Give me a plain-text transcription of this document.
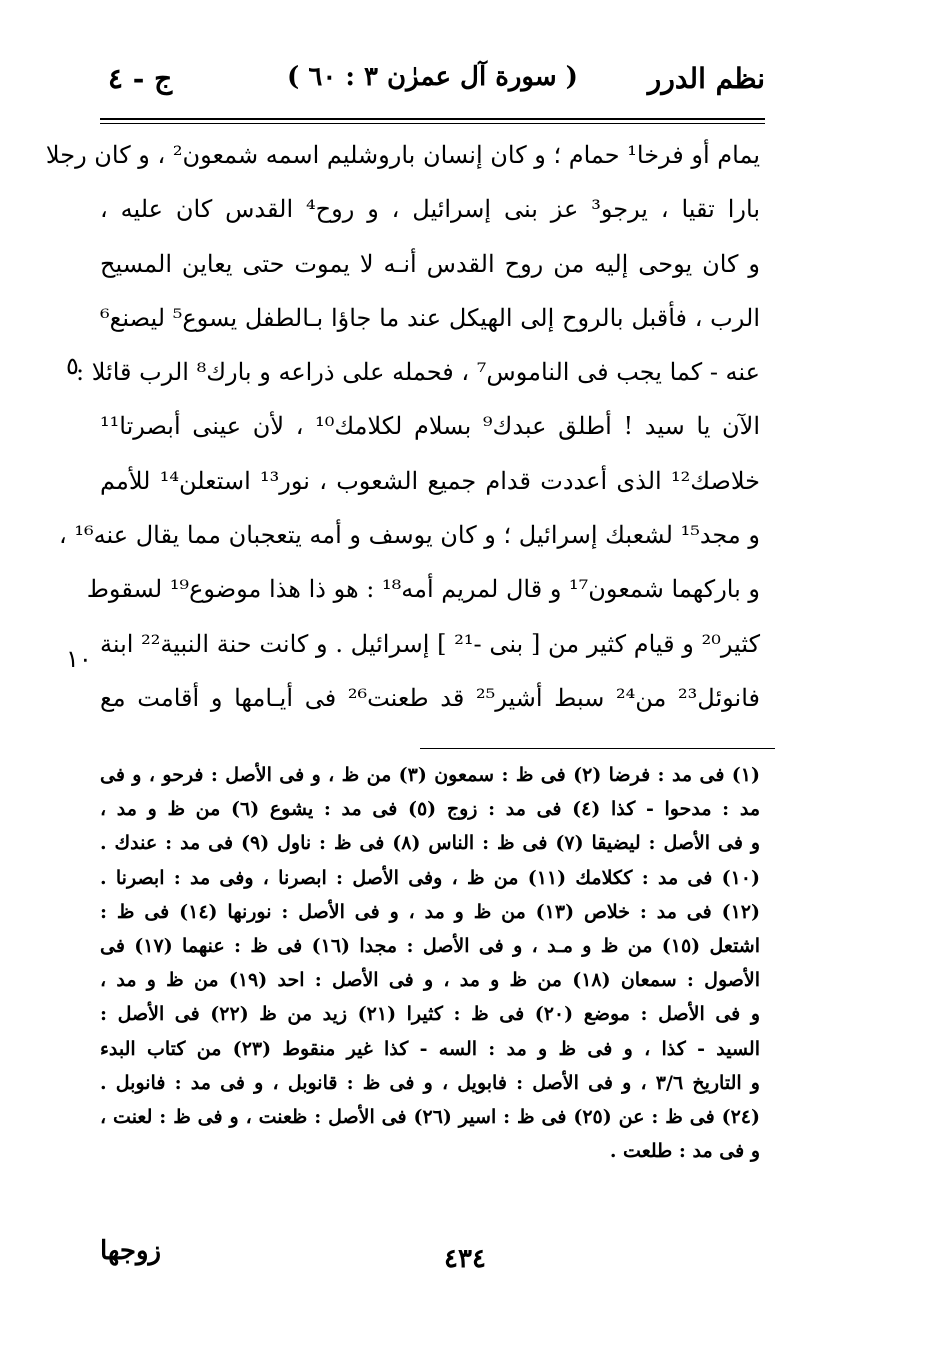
نظم الدرر
( سورة آل عمرٰن ٣ : ٦٠ )
ج - ٤
٥
١٠
يمام أو فرخا¹ حمام ؛ و كان إنسان باروشليم اسمه شمعون² ، و كان رجلا
بارا تقيا ، يرجو³ عز بنى إسرائيل ، و روح⁴ القدس كان عليه ،
و كان يوحى إليه من روح القدس أنـه لا يموت حتى يعاين المسيح
الرب ، فأقبل بالروح إلى الهيكل عند ما جاؤا بـالطفل يسوع⁵ ليصنع⁶
عنه - كما يجب فى الناموس⁷ ، فحمله على ذراعه و بارك⁸ الرب قائلا :
الآن يا سيد ! أطلق عبدك⁹ بسلام لكلامك¹⁰ ، لأن عينى أبصرتا¹¹
خلاصك¹² الذى أعددت قدام جميع الشعوب ، نور¹³ استعلن¹⁴ للأمم
و مجد¹⁵ لشعبك إسرائيل ؛ و كان يوسف و أمه يتعجبان مما يقال عنه¹⁶ ،
و باركهما شمعون¹⁷ و قال لمريم أمه¹⁸ : هو ذا هذا موضوع¹⁹ لسقوط
كثير²⁰ و قيام كثير من [ بنى -²¹ ] إسرائيل . و كانت حنة النبية²² ابنة
فانوئل²³ من²⁴ سبط أشير²⁵ قد طعنت²⁶ فى أيـامها و أقامت مع
(١) فى مد : فرضا (٢) فى ظ : سمعون (٣) من ظ ، و فى الأصل : فرحو ، و فى
مد : مدحوا - كذا (٤) فى مد : زوج (٥) فى مد : يشوع (٦) من ظ و مد ،
و فى الأصل : ليضيقا (٧) فى ظ : الناس (٨) فى ظ : ناول (٩) فى مد : عندك .
(١٠) فى مد : ككلامك (١١) من ظ ، وفى الأصل : ابصرنا ، وفى مد : ابصرنا .
(١٢) فى مد : خلاص (١٣) من ظ و مد ، و فى الأصل : نورنها (١٤) فى ظ :
اشتعل (١٥) من ظ و مـد ، و فى الأصل : مجدا (١٦) فى ظ : عنهما (١٧) فى
الأصول : سمعان (١٨) من ظ و مد ، و فى الأصل : احد (١٩) من ظ و مد ،
و فى الأصل : موضع (٢٠) فى ظ : كثيرا (٢١) زيد من ظ (٢٢) فى الأصل :
السيد - كذا ، و فى ظ و مد : السه - كذا غير منقوط (٢٣) من كتاب البدء
و التاريخ ٣/٦ ، و فى الأصل : فابويل ، و فى ظ : قانوبل ، و فى مد : فانوبل .
(٢٤) فى ظ : عن (٢٥) فى ظ : اسير (٢٦) فى الأصل : ظعنت ، و فى ظ : لعنت ،
و فى مد : طلعت .
٤٣٤
زوجها
